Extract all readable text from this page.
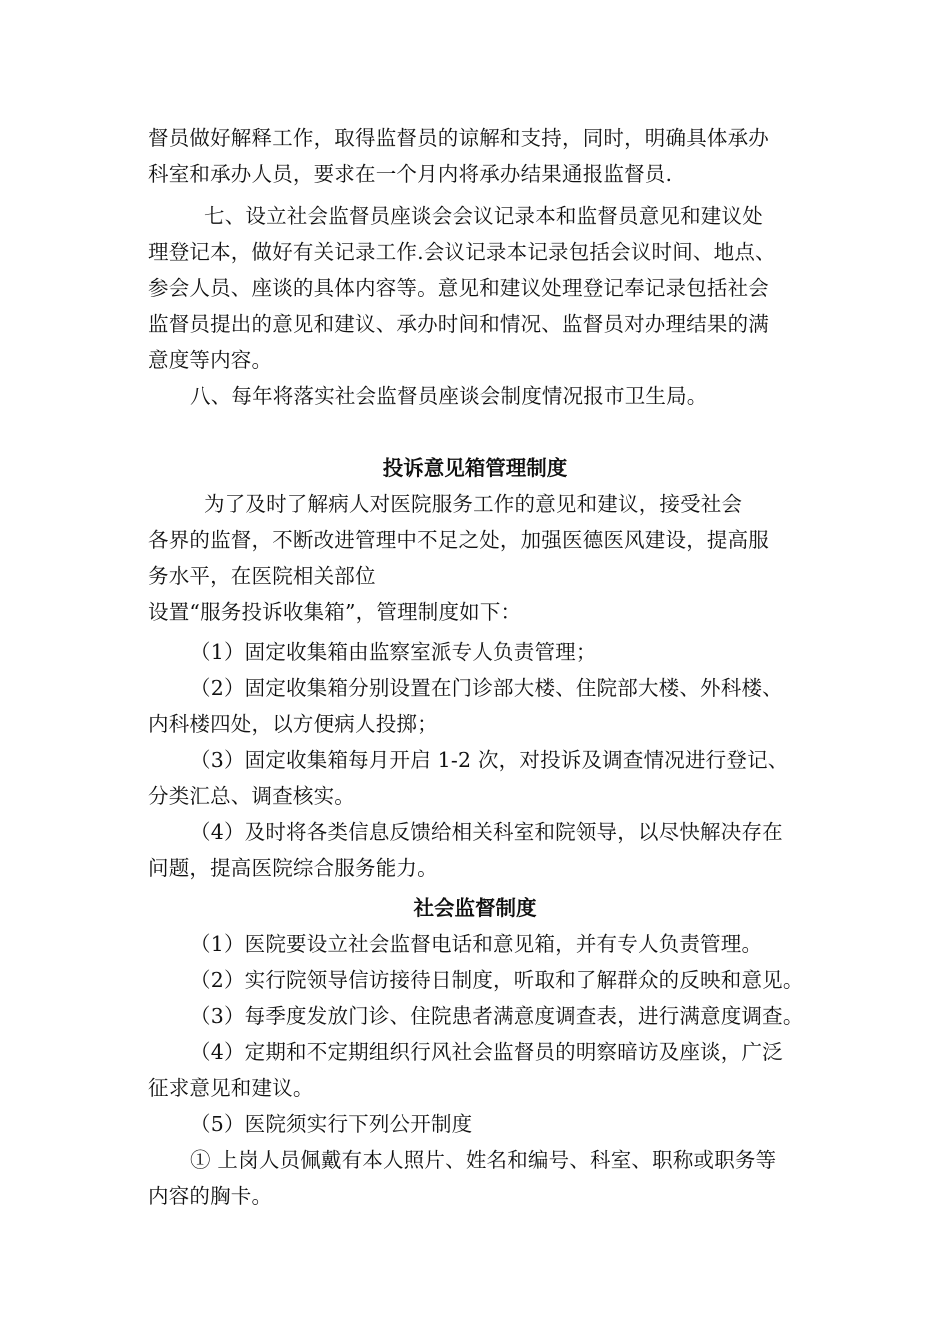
督员做好解释工作，取得监督员的谅解和支持，同时，明确具体承办
科室和承办人员，要求在一个月内将承办结果通报监督员.
七、设立社会监督员座谈会会议记录本和监督员意见和建议处
理登记本，做好有关记录工作.会议记录本记录包括会议时间、地点、
参会人员、座谈的具体内容等。意见和建议处理登记奉记录包括社会
监督员提出的意见和建议、承办时间和情况、监督员对办理结果的满
意度等内容。
八、每年将落实社会监督员座谈会制度情况报市卫生局。
投诉意见箱管理制度
为了及时了解病人对医院服务工作的意见和建议，接受社会
各界的监督，不断改进管理中不足之处，加强医德医风建设，提高服
务水平，在医院相关部位
设置“服务投诉收集箱”，管理制度如下：
（1）固定收集箱由监察室派专人负责管理；
（2）固定收集箱分别设置在门诊部大楼、住院部大楼、外科楼、
内科楼四处，以方便病人投掷；
（3）固定收集箱每月开启 1-2 次，对投诉及调查情况进行登记、
分类汇总、调查核实。
（4）及时将各类信息反馈给相关科室和院领导，以尽快解决存在
问题，提高医院综合服务能力。
社会监督制度
（1）医院要设立社会监督电话和意见箱，并有专人负责管理。
（2）实行院领导信访接待日制度，听取和了解群众的反映和意见。
（3）每季度发放门诊、住院患者满意度调查表，进行满意度调查。
（4）定期和不定期组织行风社会监督员的明察暗访及座谈，广泛
征求意见和建议。
（5）医院须实行下列公开制度
① 上岗人员佩戴有本人照片、姓名和编号、科室、职称或职务等
内容的胸卡。
